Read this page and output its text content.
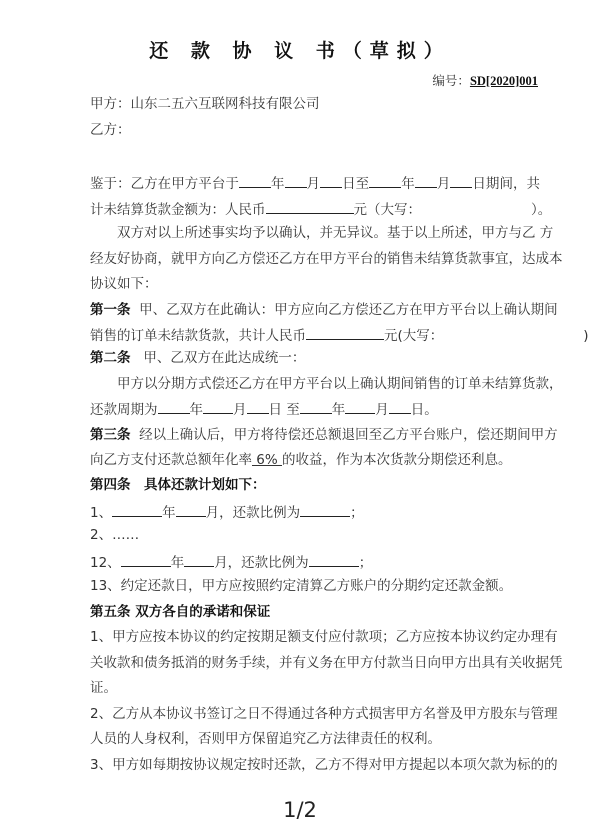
还 款 协 议 书（草拟）
编号：SD[2020]001
甲方：山东二五六互联网科技有限公司
乙方：
鉴于：乙方在甲方平台于 年 月 日至 年 月 日期间，共
计未结算货款金额为：人民币	元（大写：	）。
双方对以上所述事实均予以确认，并无异议。基于以上所述，甲方与乙 方
经友好协商，就甲方向乙方偿还乙方在甲方平台的销售未结算货款事宜，达成本
协议如下：
第一条 甲、乙双方在此确认：甲方应向乙方偿还乙方在甲方平台以上确认期间
销售的订单未结款货款，共计人民币	元(大写：	)
第二条 甲、乙双方在此达成统一：
甲方以分期方式偿还乙方在甲方平台以上确认期间销售的订单未结算货款，
还款周期为 年 月 日 至 年 月 日。
第三条 经以上确认后，甲方将待偿还总额退回至乙方平台账户，偿还期间甲方
向乙方支付还款总额年化率 6% 的收益，作为本次货款分期偿还利息。
第四条　具体还款计划如下：
1、	年 月，还款比例为	；
2、……
12、	年 月，还款比例为	；
13、约定还款日，甲方应按照约定清算乙方账户的分期约定还款金额。
第五条 双方各自的承诺和保证
1、甲方应按本协议的约定按期足额支付应付款项；乙方应按本协议约定办理有
关收款和债务抵消的财务手续，并有义务在甲方付款当日向甲方出具有关收据凭
证。
2、乙方从本协议书签订之日不得通过各种方式损害甲方名誉及甲方股东与管理
人员的人身权利，否则甲方保留追究乙方法律责任的权利。
3、甲方如每期按协议规定按时还款，乙方不得对甲方提起以本项欠款为标的的
1/2
